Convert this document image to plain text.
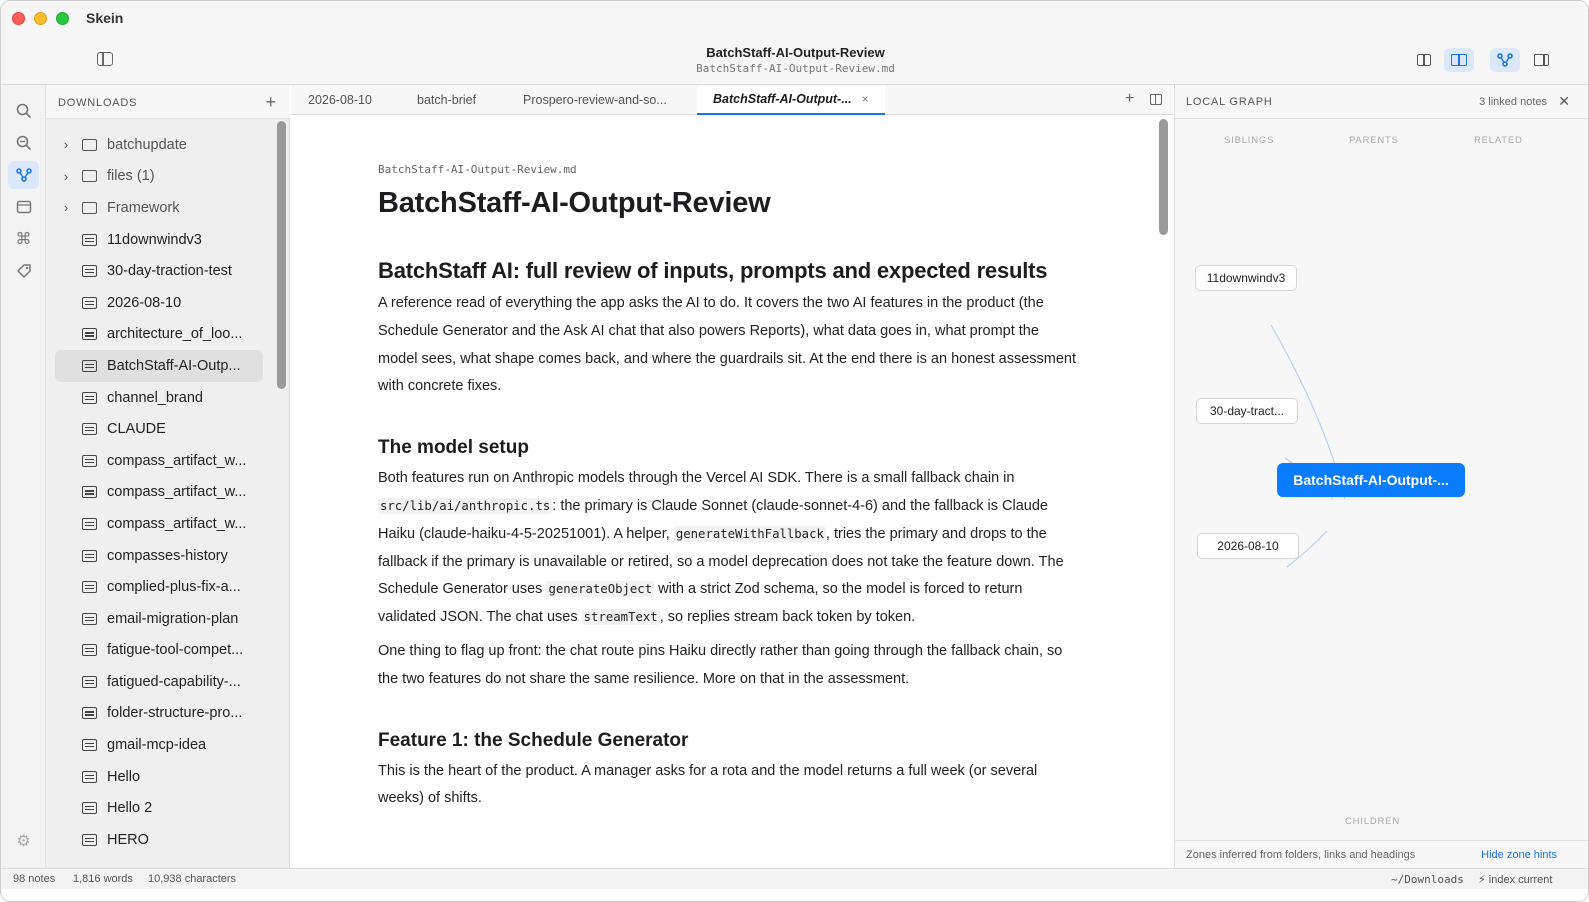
Skein
BatchStaff-AI-Output-Review
BatchStaff-AI-Output-Review.md
⌘
⚙
DOWNLOADS	+
›	batchupdate
›	files (1)
›	Framework
11downwindv3
30-day-traction-test
2026-08-10
architecture_of_loo...
BatchStaff-AI-Outp...
channel_brand
CLAUDE
compass_artifact_w...
compass_artifact_w...
compass_artifact_w...
compasses-history
complied-plus-fix-a...
email-migration-plan
fatigue-tool-compet...
fatigued-capability-...
folder-structure-pro...
gmail-mcp-idea
Hello
Hello 2
HERO
2026-08-10	batch-brief	Prospero-review-and-so...	BatchStaff-AI-Output-... ×	+
BatchStaff-AI-Output-Review.md
BatchStaff-AI-Output-Review
BatchStaff AI: full review of inputs, prompts and expected results

A reference read of everything the app asks the AI to do. It covers the two AI features in the product (the Schedule Generator and the Ask AI chat that also powers Reports), what data goes in, what prompt the model sees, what shape comes back, and where the guardrails sit. At the end there is an honest assessment with concrete fixes.

The model setup

Both features run on Anthropic models through the Vercel AI SDK. There is a small fallback chain in src/lib/ai/anthropic.ts : the primary is Claude Sonnet (claude-sonnet-4-6) and the fallback is Claude Haiku (claude-haiku-4-5-20251001). A helper, generateWithFallback , tries the primary and drops to the fallback if the primary is unavailable or retired, so a model deprecation does not take the feature down. The Schedule Generator uses generateObject with a strict Zod schema, so the model is forced to return validated JSON. The chat uses streamText , so replies stream back token by token.

One thing to flag up front: the chat route pins Haiku directly rather than going through the fallback chain, so the two features do not share the same resilience. More on that in the assessment.

Feature 1: the Schedule Generator

This is the heart of the product. A manager asks for a rota and the model returns a full week (or several weeks) of shifts.

LOCAL GRAPH	3 linked notes ✕
SIBLINGS	PARENTS	RELATED
11downwindv3
30-day-tract...
2026-08-10
BatchStaff-AI-Output-...
CHILDREN
Zones inferred from folders, links and headings	Hide zone hints
98 notes 1,816 words 10,938 characters	~/Downloads ⚡ index current
